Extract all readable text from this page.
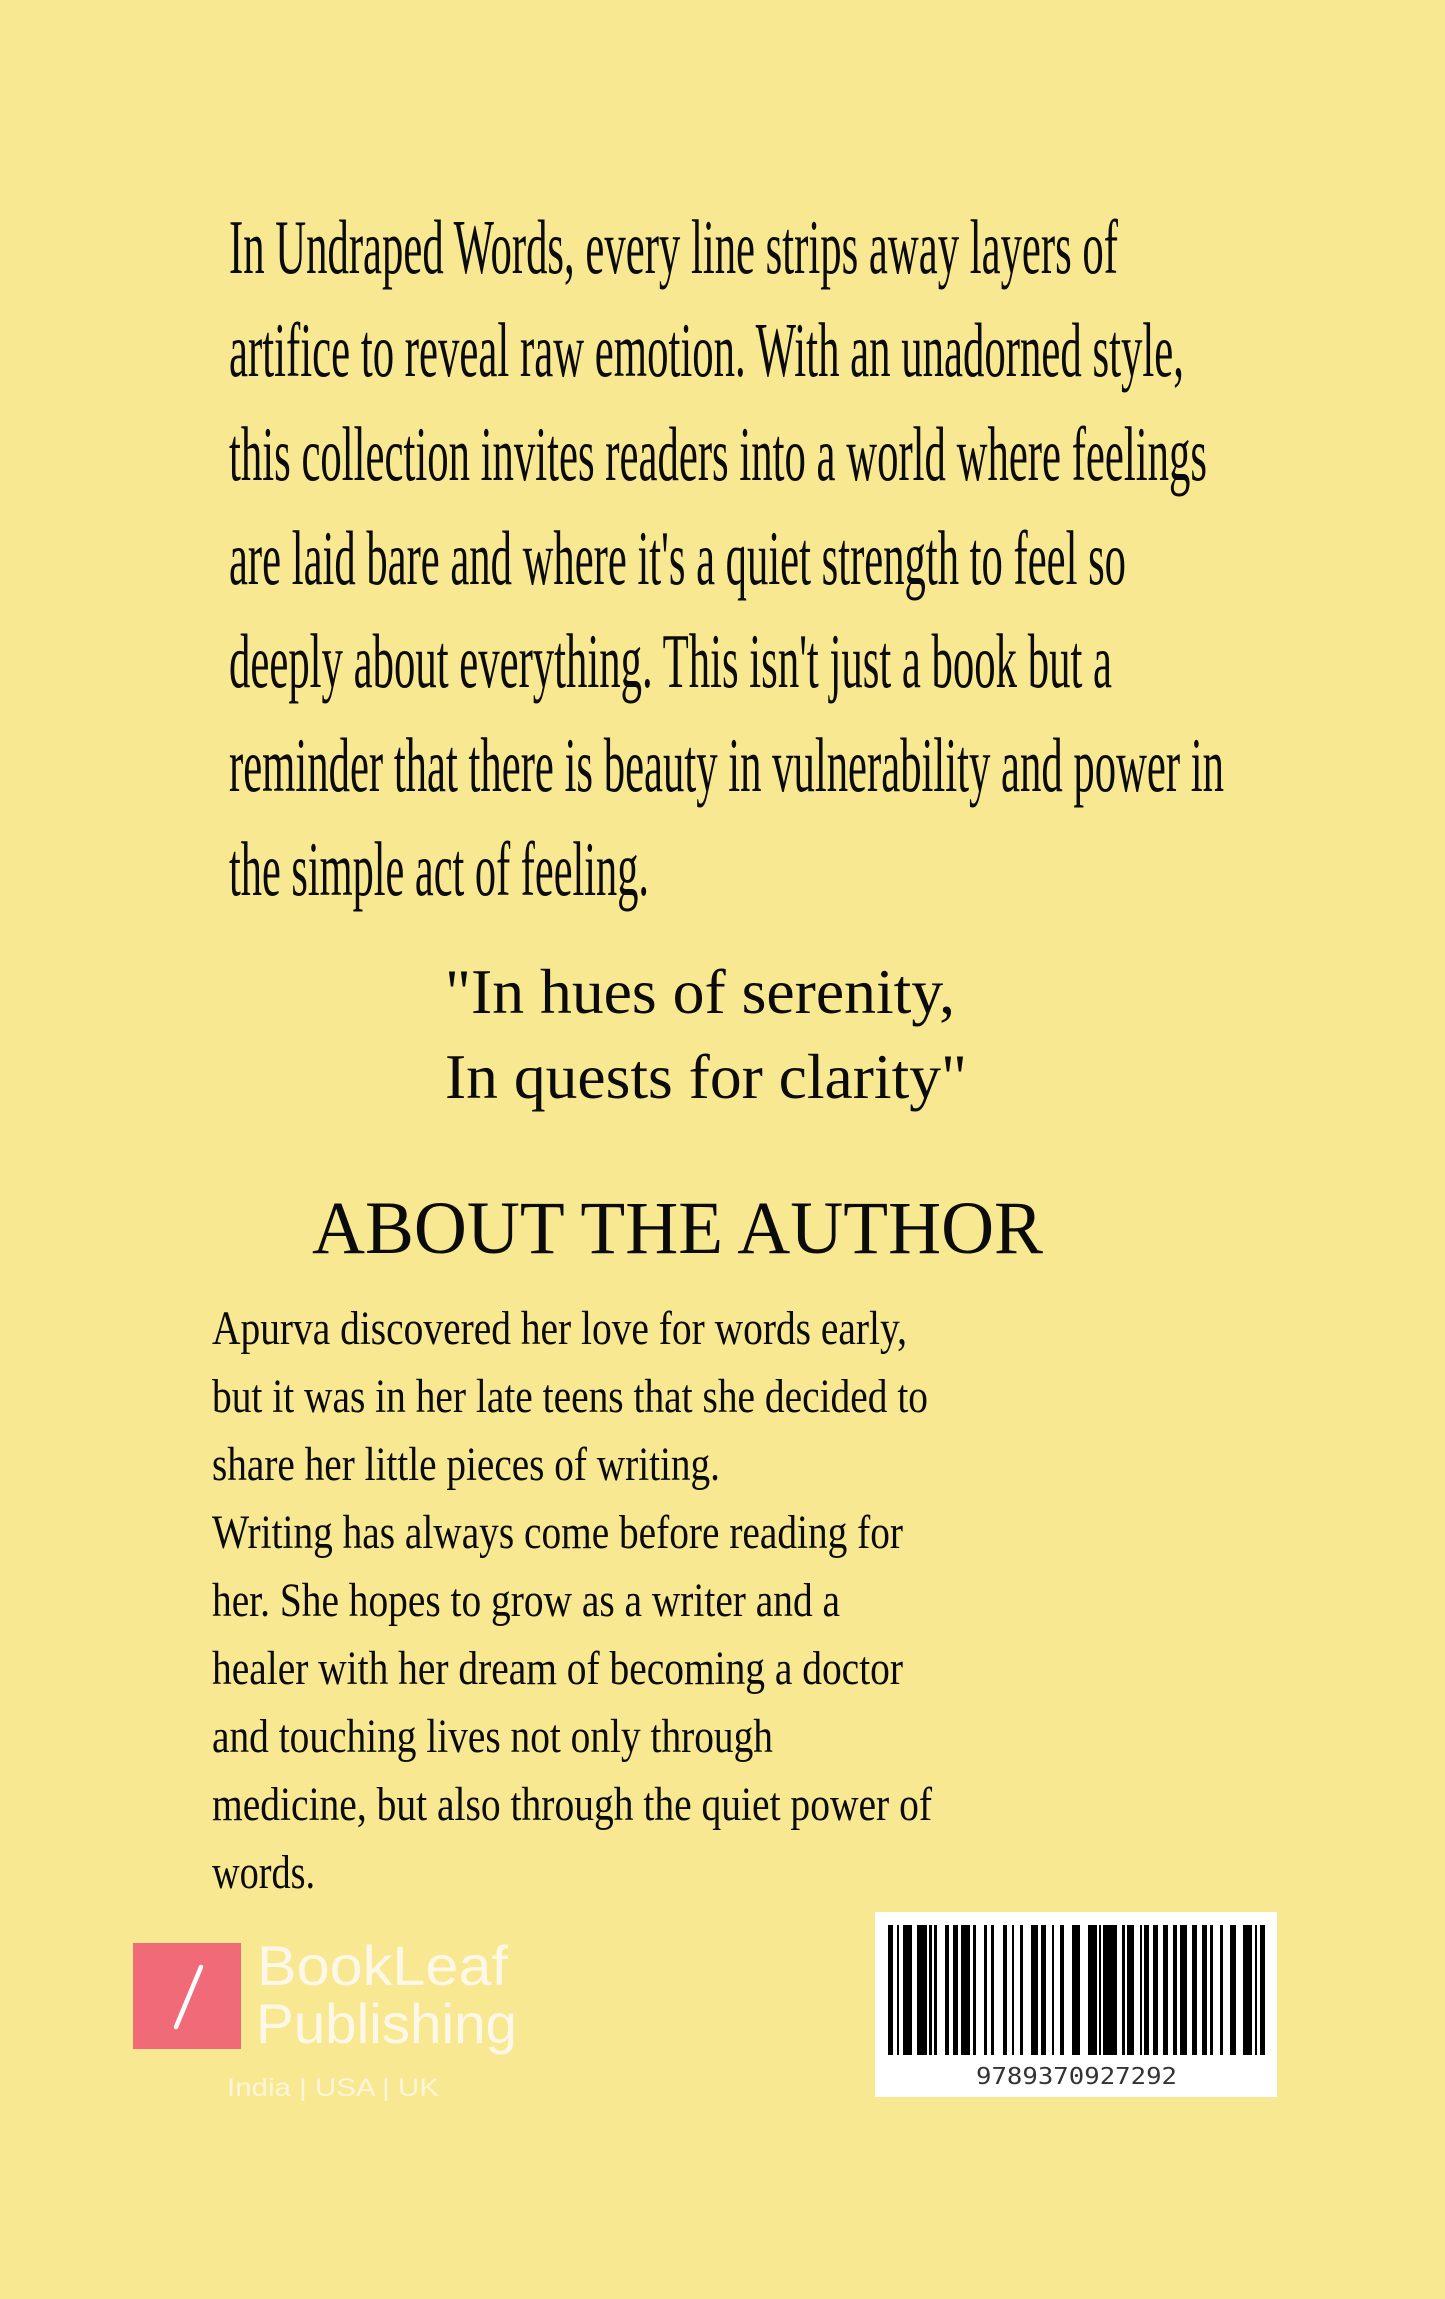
In Undraped Words, every line strips away layers of
artifice to reveal raw emotion. With an unadorned style,
this collection invites readers into a world where feelings
are laid bare and where it's a quiet strength to feel so
deeply about everything. This isn't just a book but a
reminder that there is beauty in vulnerability and power in
the simple act of feeling.
"In hues of serenity,
In quests for clarity"
ABOUT THE AUTHOR
Apurva discovered her love for words early,
but it was in her late teens that she decided to
share her little pieces of writing.
Writing has always come before reading for
her. She hopes to grow as a writer and a
healer with her dream of becoming a doctor
and touching lives not only through
medicine, but also through the quiet power of
words.
BookLeaf
Publishing
India | USA | UK	9789370927292
